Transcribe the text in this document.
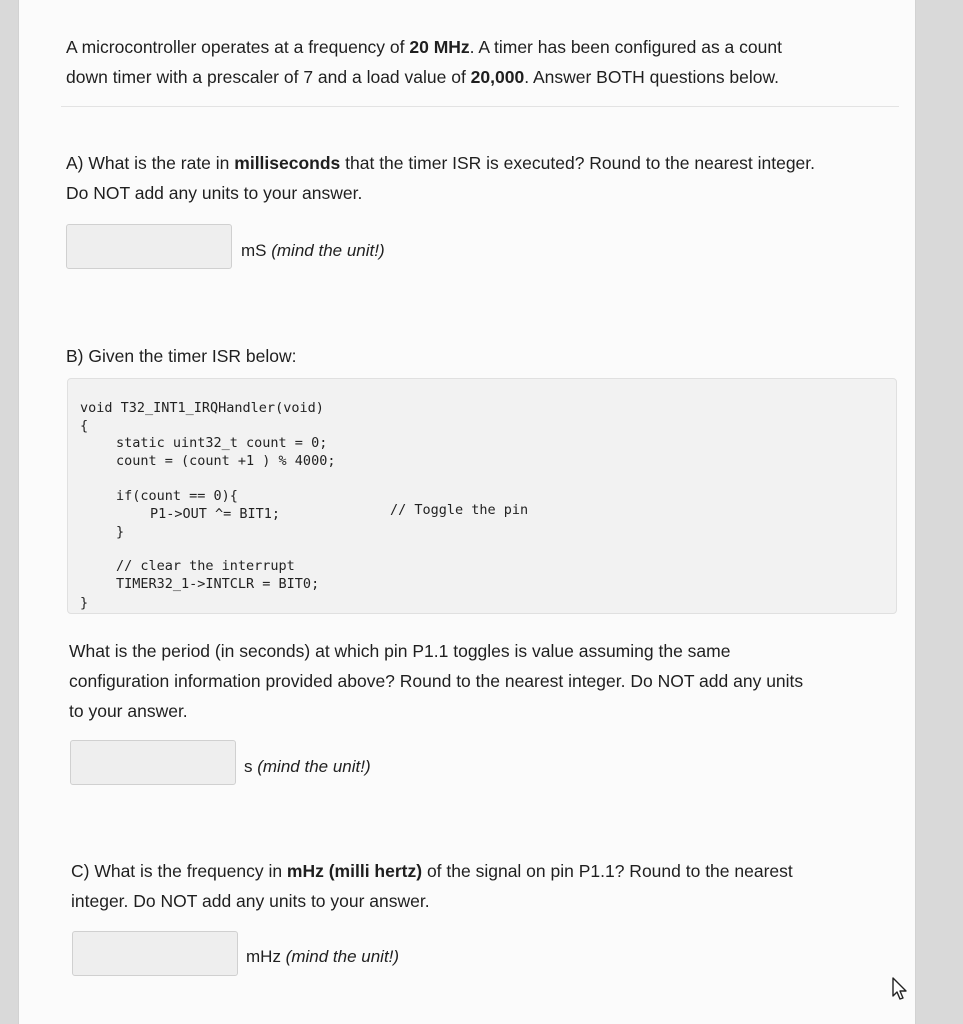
A microcontroller operates at a frequency of 20 MHz. A timer has been configured as a count
down timer with a prescaler of 7 and a load value of 20,000. Answer BOTH questions below.
A) What is the rate in milliseconds that the timer ISR is executed? Round to the nearest integer.
Do NOT add any units to your answer.
mS (mind the unit!)
B) Given the timer ISR below:
void T32_INT1_IRQHandler(void)
{
static uint32_t count = 0;
count = (count +1 ) % 4000;
if(count == 0){
P1->OUT ^= BIT1;	// Toggle the pin
}
// clear the interrupt
TIMER32_1->INTCLR = BIT0;
}
What is the period (in seconds) at which pin P1.1 toggles is value assuming the same
configuration information provided above? Round to the nearest integer. Do NOT add any units
to your answer.
s (mind the unit!)
C) What is the frequency in mHz (milli hertz) of the signal on pin P1.1? Round to the nearest
integer. Do NOT add any units to your answer.
mHz (mind the unit!)
